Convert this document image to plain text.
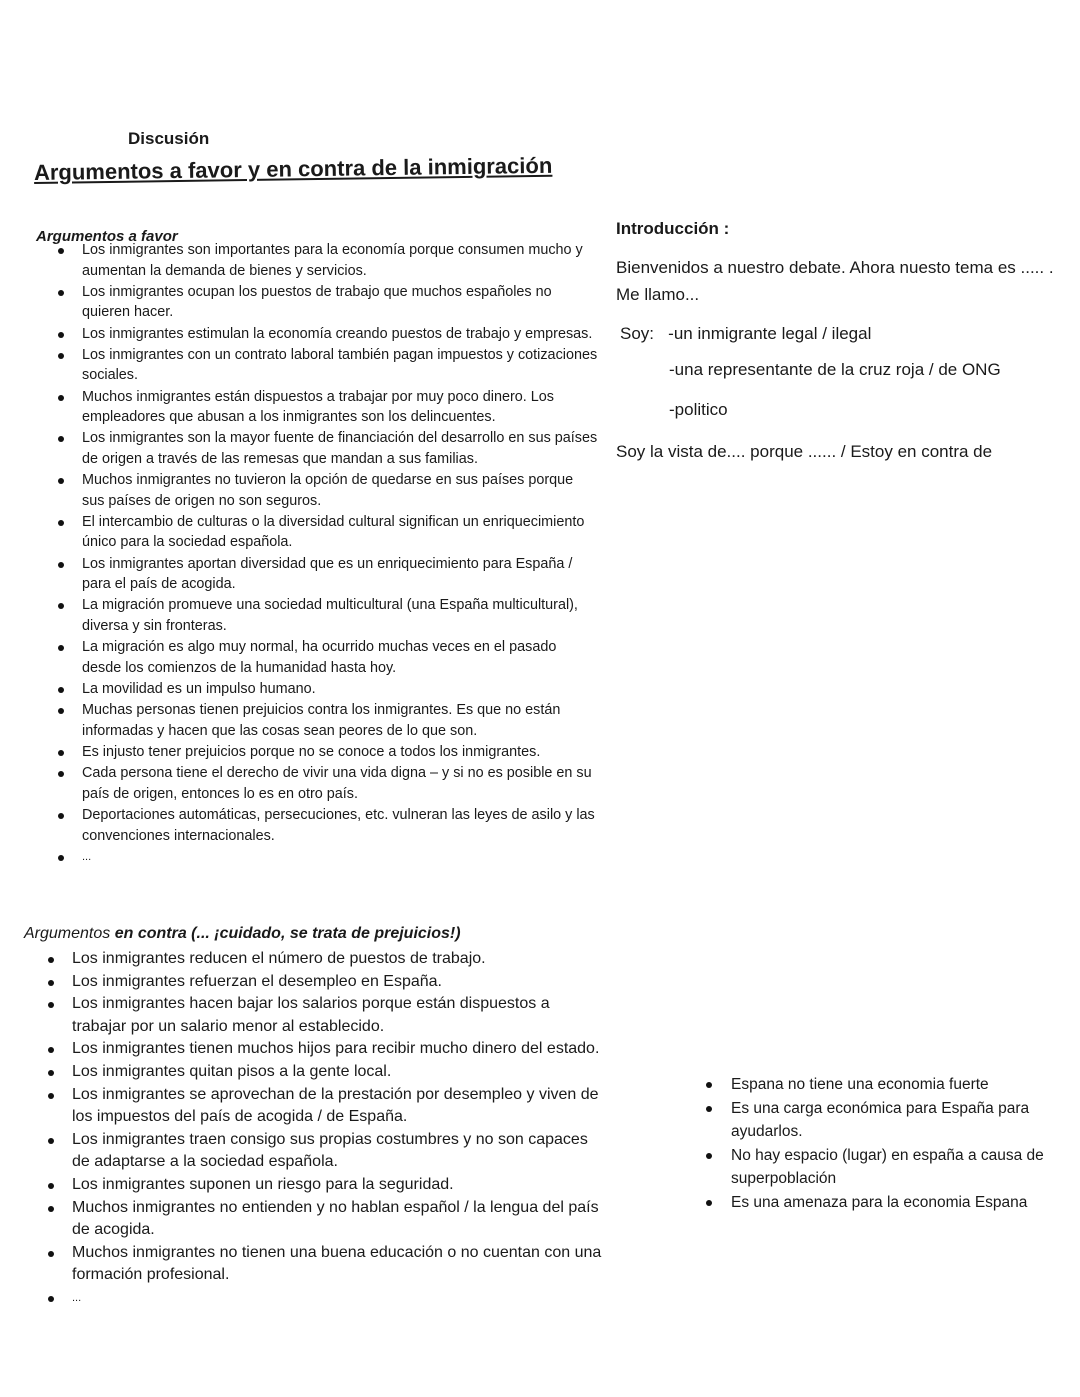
Discusión
Argumentos a favor y en contra de la inmigración
Argumentos a favor
Los inmigrantes son importantes para la economía porque consumen mucho y aumentan la demanda de bienes y servicios.
Los inmigrantes ocupan los puestos de trabajo que muchos españoles no quieren hacer.
Los inmigrantes estimulan la economía creando puestos de trabajo y empresas.
Los inmigrantes con un contrato laboral también pagan impuestos y cotizaciones sociales.
Muchos inmigrantes están dispuestos a trabajar por muy poco dinero. Los empleadores que abusan a los inmigrantes son los delincuentes.
Los inmigrantes son la mayor fuente de financiación del desarrollo en sus países de origen a través de las remesas que mandan a sus familias.
Muchos inmigrantes no tuvieron la opción de quedarse en sus países porque sus países de origen no son seguros.
El intercambio de culturas o la diversidad cultural significan un enriquecimiento único para la sociedad española.
Los inmigrantes aportan diversidad que es un enriquecimiento para España / para el país de acogida.
La migración promueve una sociedad multicultural (una España multicultural), diversa y sin fronteras.
La migración es algo muy normal, ha ocurrido muchas veces en el pasado desde los comienzos de la humanidad hasta hoy.
La movilidad es un impulso humano.
Muchas personas tienen prejuicios contra los inmigrantes. Es que no están informadas y hacen que las cosas sean peores de lo que son.
Es injusto tener prejuicios porque no se conoce a todos los inmigrantes.
Cada persona tiene el derecho de vivir una vida digna – y si no es posible en su país de origen, entonces lo es en otro país.
Deportaciones automáticas, persecuciones, etc. vulneran las leyes de asilo y las convenciones internacionales.
...
Argumentos en contra (... ¡cuidado, se trata de prejuicios!)
Los inmigrantes reducen el número de puestos de trabajo.
Los inmigrantes refuerzan el desempleo en España.
Los inmigrantes hacen bajar los salarios porque están dispuestos a trabajar por un salario menor al establecido.
Los inmigrantes tienen muchos hijos para recibir mucho dinero del estado.
Los inmigrantes quitan pisos a la gente local.
Los inmigrantes se aprovechan de la prestación por desempleo y viven de los impuestos del país de acogida / de España.
Los inmigrantes traen consigo sus propias costumbres y no son capaces de adaptarse a la sociedad española.
Los inmigrantes suponen un riesgo para la seguridad.
Muchos inmigrantes no entienden y no hablan español / la lengua del país de acogida.
Muchos inmigrantes no tienen una buena educación o no cuentan con una formación profesional.
...
Introducción :
Bienvenidos a nuestro debate. Ahora nuesto tema es ..... . Me llamo...
Soy:   -un inmigrante legal / ilegal
-una representante de la cruz roja / de ONG
-politico
Soy la vista de.... porque ...... / Estoy en contra de
Espana no tiene una economia fuerte
Es una carga económica para España para ayudarlos.
No hay espacio (lugar) en españa a causa de superpoblación
Es una amenaza para la economia Espana
